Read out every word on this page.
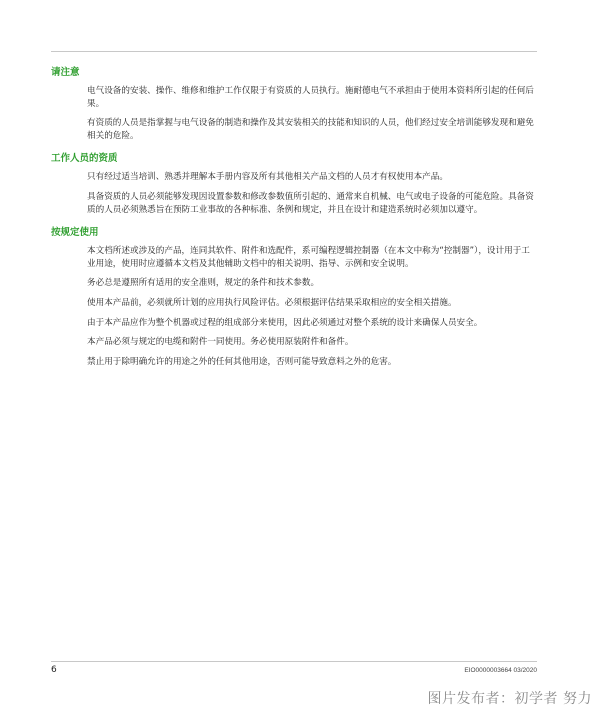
请注意

电气设备的安装、操作、维修和维护工作仅限于有资质的人员执行。施耐德电气不承担由于使用本资料所引起的任何后果。

有资质的人员是指掌握与电气设备的制造和操作及其安装相关的技能和知识的人员，他们经过安全培训能够发现和避免相关的危险。

工作人员的资质

只有经过适当培训、熟悉并理解本手册内容及所有其他相关产品文档的人员才有权使用本产品。

具备资质的人员必须能够发现因设置参数和修改参数值所引起的、通常来自机械、电气或电子设备的可能危险。具备资质的人员必须熟悉旨在预防工业事故的各种标准、条例和规定，并且在设计和建造系统时必须加以遵守。

按规定使用

本文档所述或涉及的产品，连同其软件、附件和选配件，系可编程逻辑控制器（在本文中称为“控制器”），设计用于工业用途，使用时应遵循本文档及其他辅助文档中的相关说明、指导、示例和安全说明。

务必总是遵照所有适用的安全准则，规定的条件和技术参数。

使用本产品前，必须就所计划的应用执行风险评估。必须根据评估结果采取相应的安全相关措施。

由于本产品应作为整个机器或过程的组成部分来使用，因此必须通过对整个系统的设计来确保人员安全。

本产品必须与规定的电缆和附件一同使用。务必使用原装附件和备件。

禁止用于除明确允许的用途之外的任何其他用途，否则可能导致意料之外的危害。

6	EIO0000003664 03/2020
图片发布者：初学者 努力
